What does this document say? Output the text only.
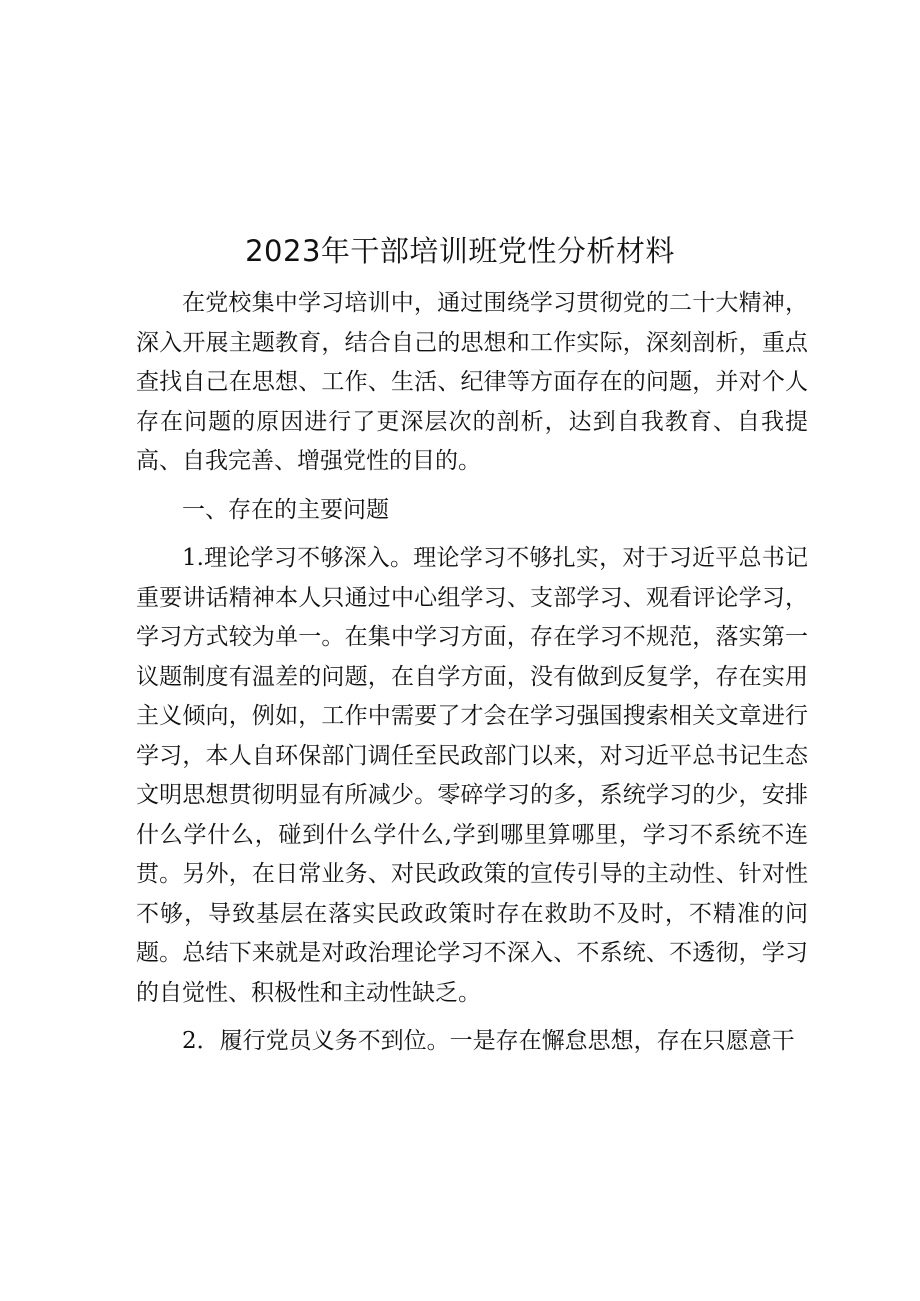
2023年干部培训班党性分析材料

在党校集中学习培训中，通过围绕学习贯彻党的二十大精神，深入开展主题教育，结合自己的思想和工作实际，深刻剖析，重点查找自己在思想、工作、生活、纪律等方面存在的问题，并对个人存在问题的原因进行了更深层次的剖析，达到自我教育、自我提高、自我完善、增强党性的目的。

一、存在的主要问题

1.理论学习不够深入。理论学习不够扎实，对于习近平总书记重要讲话精神本人只通过中心组学习、支部学习、观看评论学习，学习方式较为单一。在集中学习方面，存在学习不规范，落实第一议题制度有温差的问题，在自学方面，没有做到反复学，存在实用主义倾向，例如，工作中需要了才会在学习强国搜索相关文章进行学习，本人自环保部门调任至民政部门以来，对习近平总书记生态文明思想贯彻明显有所减少。零碎学习的多，系统学习的少，安排什么学什么，碰到什么学什么,学到哪里算哪里，学习不系统不连贯。另外，在日常业务、对民政政策的宣传引导的主动性、针对性不够，导致基层在落实民政政策时存在救助不及时，不精准的问题。总结下来就是对政治理论学习不深入、不系统、不透彻，学习的自觉性、积极性和主动性缺乏。

2．履行党员义务不到位。一是存在懈怠思想，存在只愿意干
